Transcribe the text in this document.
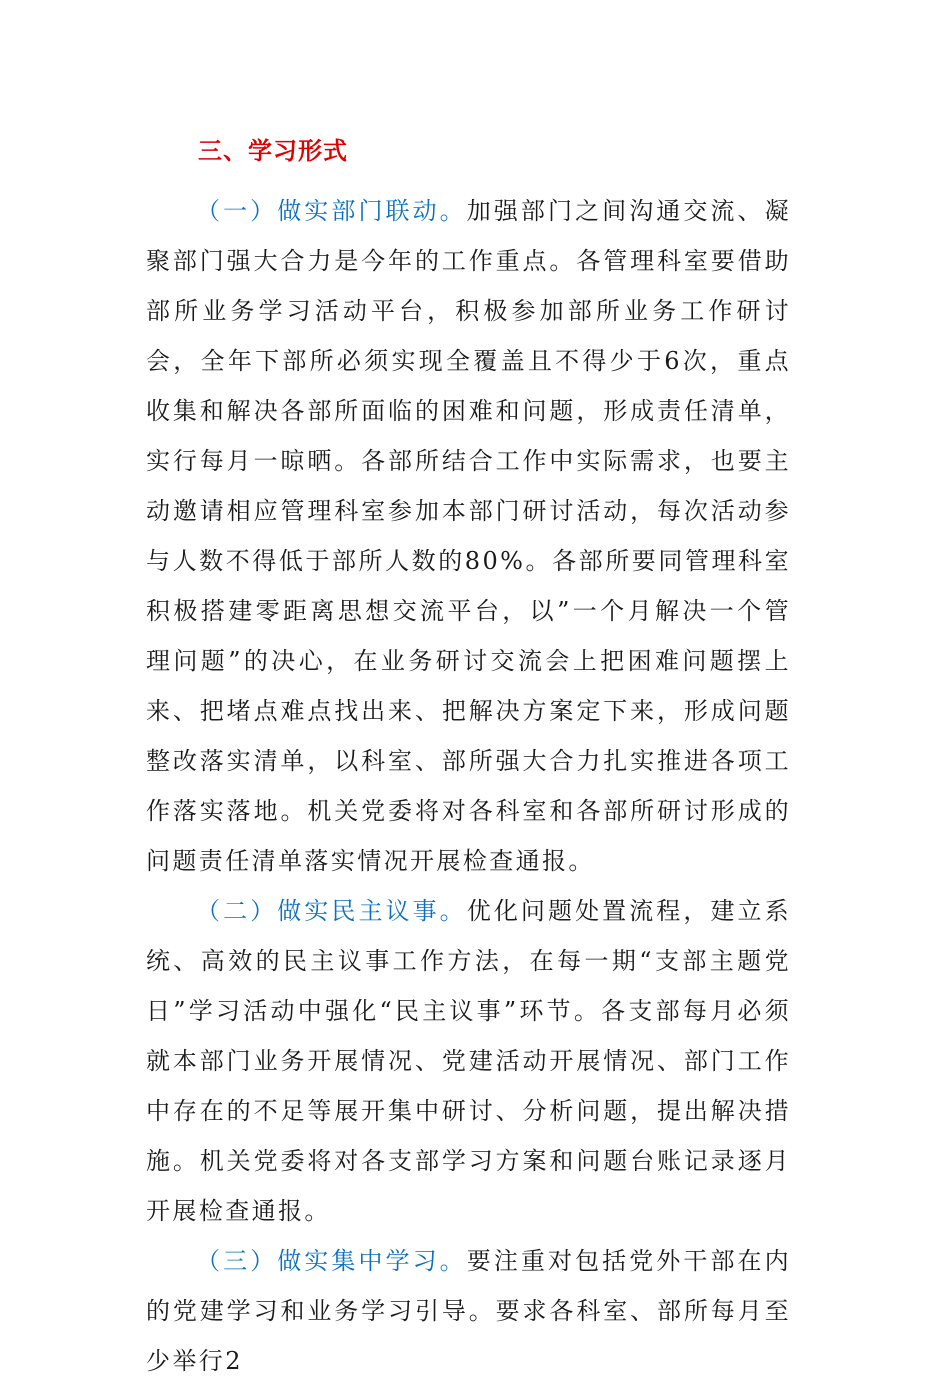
三、学习形式

（一）做实部门联动。加强部门之间沟通交流、凝聚部门强大合力是今年的工作重点。各管理科室要借助部所业务学习活动平台，积极参加部所业务工作研讨会，全年下部所必须实现全覆盖且不得少于6次，重点收集和解决各部所面临的困难和问题，形成责任清单，实行每月一晾晒。各部所结合工作中实际需求，也要主动邀请相应管理科室参加本部门研讨活动，每次活动参与人数不得低于部所人数的80%。各部所要同管理科室积极搭建零距离思想交流平台，以”一个月解决一个管理问题”的决心，在业务研讨交流会上把困难问题摆上来、把堵点难点找出来、把解决方案定下来，形成问题整改落实清单，以科室、部所强大合力扎实推进各项工作落实落地。机关党委将对各科室和各部所研讨形成的问题责任清单落实情况开展检查通报。

（二）做实民主议事。优化问题处置流程，建立系统、高效的民主议事工作方法，在每一期“支部主题党日”学习活动中强化“民主议事”环节。各支部每月必须就本部门业务开展情况、党建活动开展情况、部门工作中存在的不足等展开集中研讨、分析问题，提出解决措施。机关党委将对各支部学习方案和问题台账记录逐月开展检查通报。

（三）做实集中学习。要注重对包括党外干部在内的党建学习和业务学习引导。要求各科室、部所每月至少举行2
